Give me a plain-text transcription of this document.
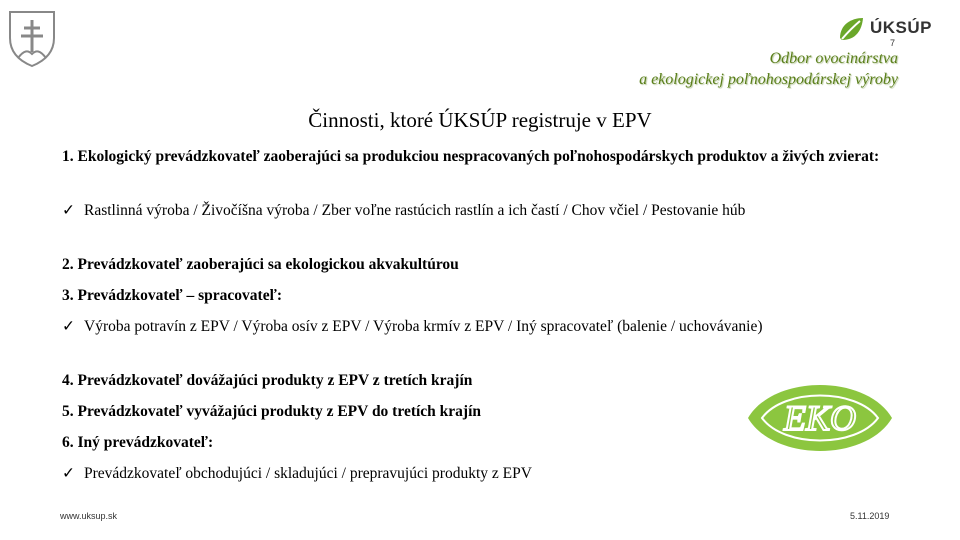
ÚKSÚP
7
Odbor ovocinárstva
a ekologickej poľnohospodárskej výroby
Činnosti, ktoré ÚKSÚP registruje v EPV
1. Ekologický prevádzkovateľ zaoberajúci sa produkciou nespracovaných poľnohospodárskych produktov a živých zvierat:
✓ Rastlinná výroba / Živočíšna výroba / Zber voľne rastúcich rastlín a ich častí / Chov včiel / Pestovanie húb
2. Prevádzkovateľ zaoberajúci sa ekologickou akvakultúrou
3. Prevádzkovateľ – spracovateľ:
✓ Výroba potravín z EPV / Výroba osív z EPV / Výroba krmív z EPV / Iný spracovateľ (balenie / uchovávanie)
4. Prevádzkovateľ dovážajúci produkty z EPV z tretích krajín
5. Prevádzkovateľ vyvážajúci produkty z EPV do tretích krajín
6. Iný prevádzkovateľ:
✓ Prevádzkovateľ obchodujúci / skladujúci / prepravujúci produkty z EPV
EKO
www.uksup.sk	5.11.2019
